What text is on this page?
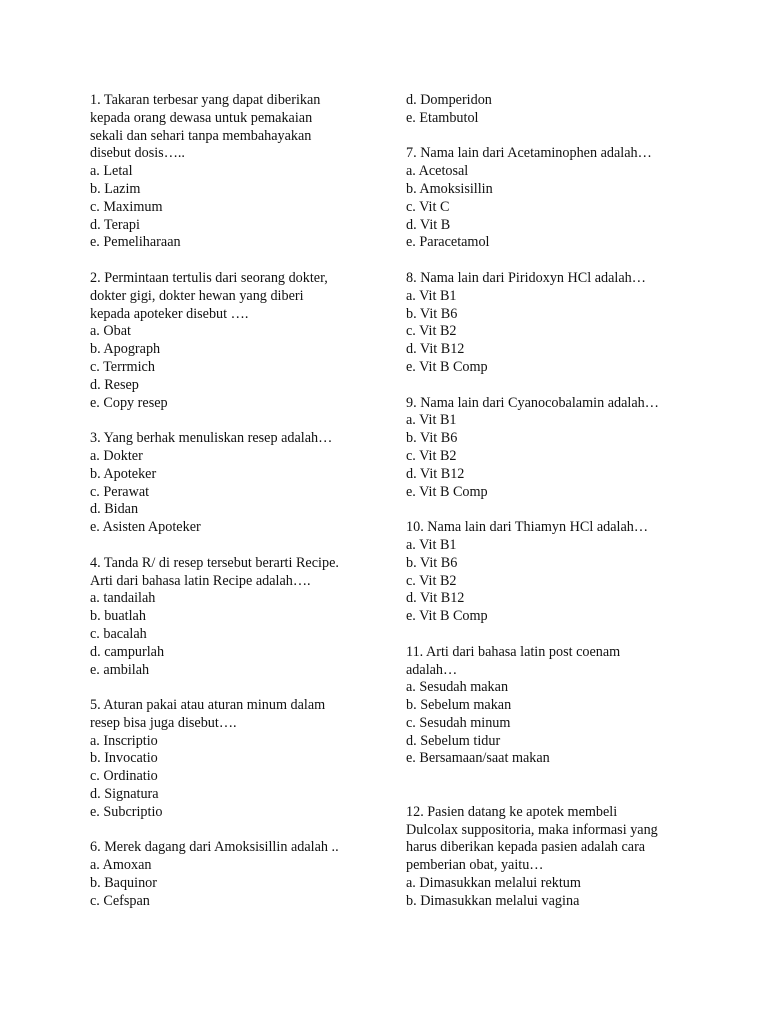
1. Takaran terbesar yang dapat diberikan
kepada orang dewasa untuk pemakaian
sekali dan sehari tanpa membahayakan
disebut dosis…..
a. Letal
b. Lazim
c. Maximum
d. Terapi
e. Pemeliharaan
2. Permintaan tertulis dari seorang dokter,
dokter gigi, dokter hewan yang diberi
kepada apoteker disebut ….
a. Obat
b. Apograph
c. Terrmich
d. Resep
e. Copy resep
3. Yang berhak menuliskan resep adalah…
a. Dokter
b. Apoteker
c. Perawat
d. Bidan
e. Asisten Apoteker
4. Tanda R/ di resep tersebut berarti Recipe.
Arti dari bahasa latin Recipe adalah….
a. tandailah
b. buatlah
c. bacalah
d. campurlah
e. ambilah
5. Aturan pakai atau aturan minum dalam
resep bisa juga disebut….
a. Inscriptio
b. Invocatio
c. Ordinatio
d. Signatura
e. Subcriptio
6. Merek dagang dari Amoksisillin adalah ..
a. Amoxan
b. Baquinor
c. Cefspan
d. Domperidon
e. Etambutol
7. Nama lain dari Acetaminophen adalah…
a. Acetosal
b. Amoksisillin
c. Vit C
d. Vit B
e. Paracetamol
8. Nama lain dari Piridoxyn HCl adalah…
a. Vit B1
b. Vit B6
c. Vit B2
d. Vit B12
e. Vit B Comp
9. Nama lain dari Cyanocobalamin adalah…
a. Vit B1
b. Vit B6
c. Vit B2
d. Vit B12
e. Vit B Comp
10. Nama lain dari Thiamyn HCl adalah…
a. Vit B1
b. Vit B6
c. Vit B2
d. Vit B12
e. Vit B Comp
11. Arti dari bahasa latin post coenam
adalah…
a. Sesudah makan
b. Sebelum makan
c. Sesudah minum
d. Sebelum tidur
e. Bersamaan/saat makan
12. Pasien datang ke apotek membeli
Dulcolax suppositoria, maka informasi yang
harus diberikan kepada pasien adalah cara
pemberian obat, yaitu…
a. Dimasukkan melalui rektum
b. Dimasukkan melalui vagina
